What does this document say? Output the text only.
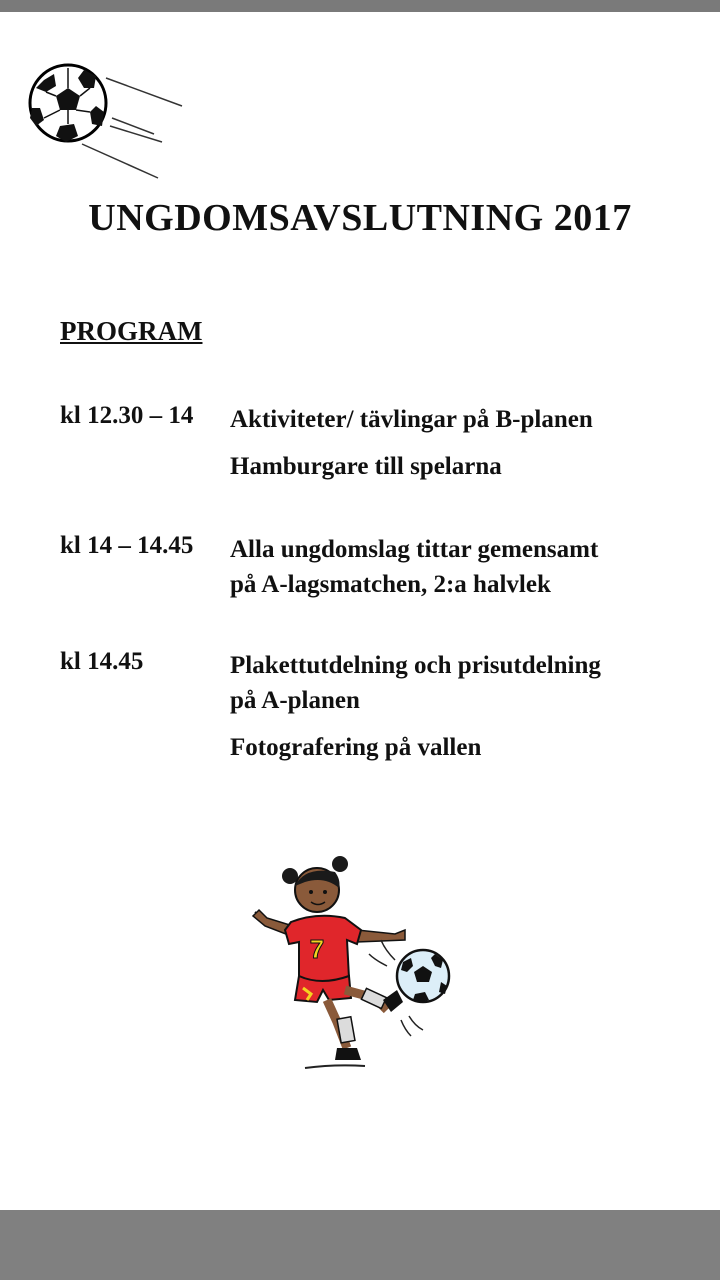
UNGDOMSAVSLUTNING 2017
PROGRAM
kl 12.30 – 14 Aktiviteter/ tävlingar på B-planen
Hamburgare till spelarna
kl 14 – 14.45 Alla ungdomslag tittar gemensamt
på A-lagsmatchen, 2:a halvlek
kl 14.45	Plakettutdelning och prisutdelning
på A-planen
Fotografering på vallen
7
